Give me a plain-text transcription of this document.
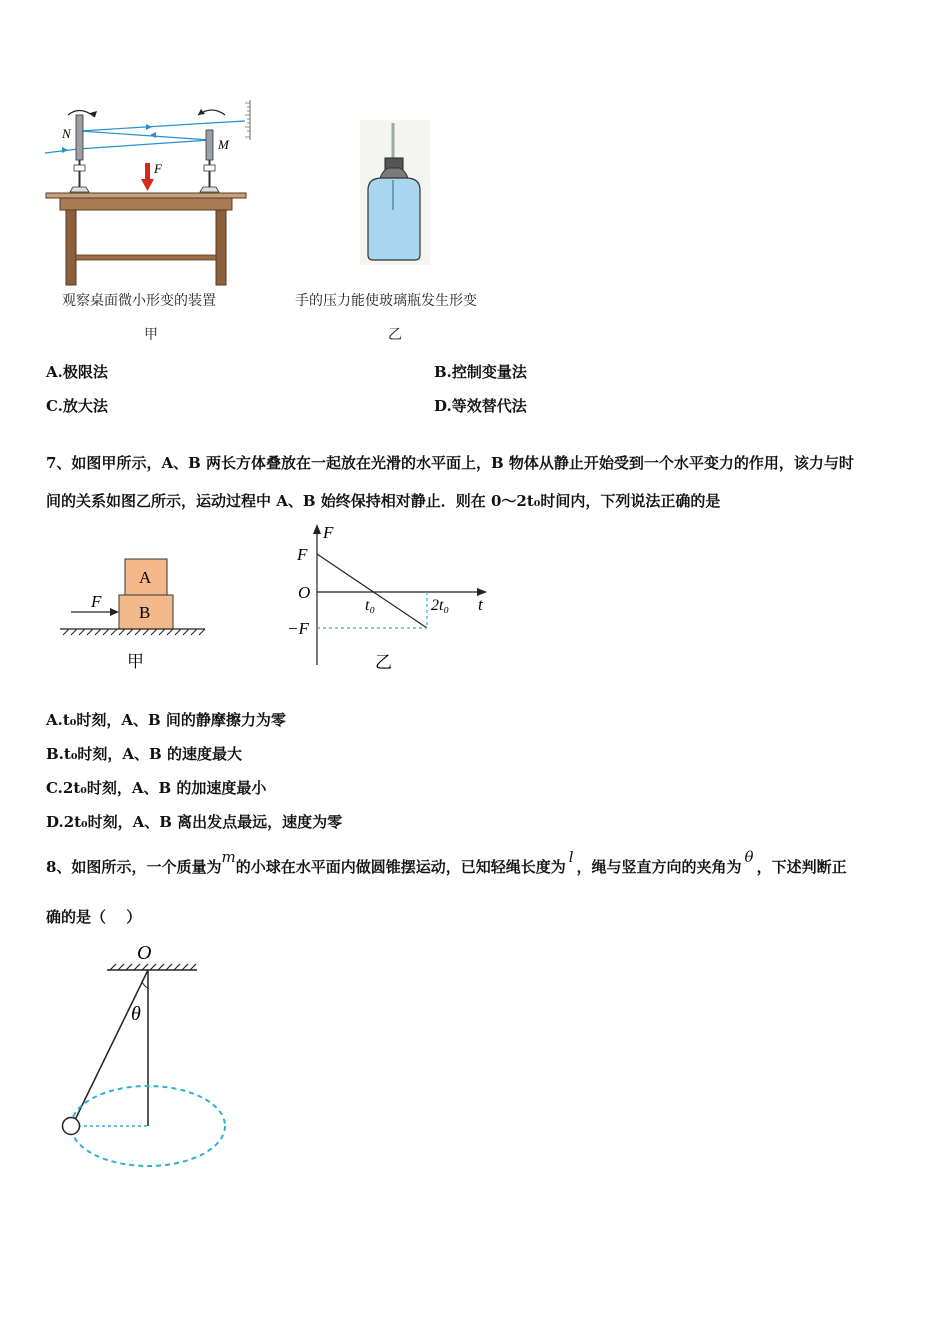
N
M
F
观察桌面微小形变的装置
甲
手的压力能使玻璃瓶发生形变
乙
A.极限法	B.控制变量法
C.放大法	D.等效替代法
7、如图甲所示，A、B 两长方体叠放在一起放在光滑的水平面上，B 物体从静止开始受到一个水平变力的作用，该力与时
间的关系如图乙所示，运动过程中 A、B 始终保持相对静止．则在 0～2t₀时间内，下列说法正确的是
A
B
F
甲
F
F
O
−F
t₀	2t₀ t
乙
A.t₀时刻，A、B 间的静摩擦力为零
B.t₀时刻，A、B 的速度最大
C.2t₀时刻，A、B 的加速度最小
D.2t₀时刻，A、B 离出发点最远，速度为零
8、如图所示，一个质量为m的小球在水平面内做圆锥摆运动，已知轻绳长度为l，绳与竖直方向的夹角为θ，下述判断正
确的是（　 ）
O
θ
